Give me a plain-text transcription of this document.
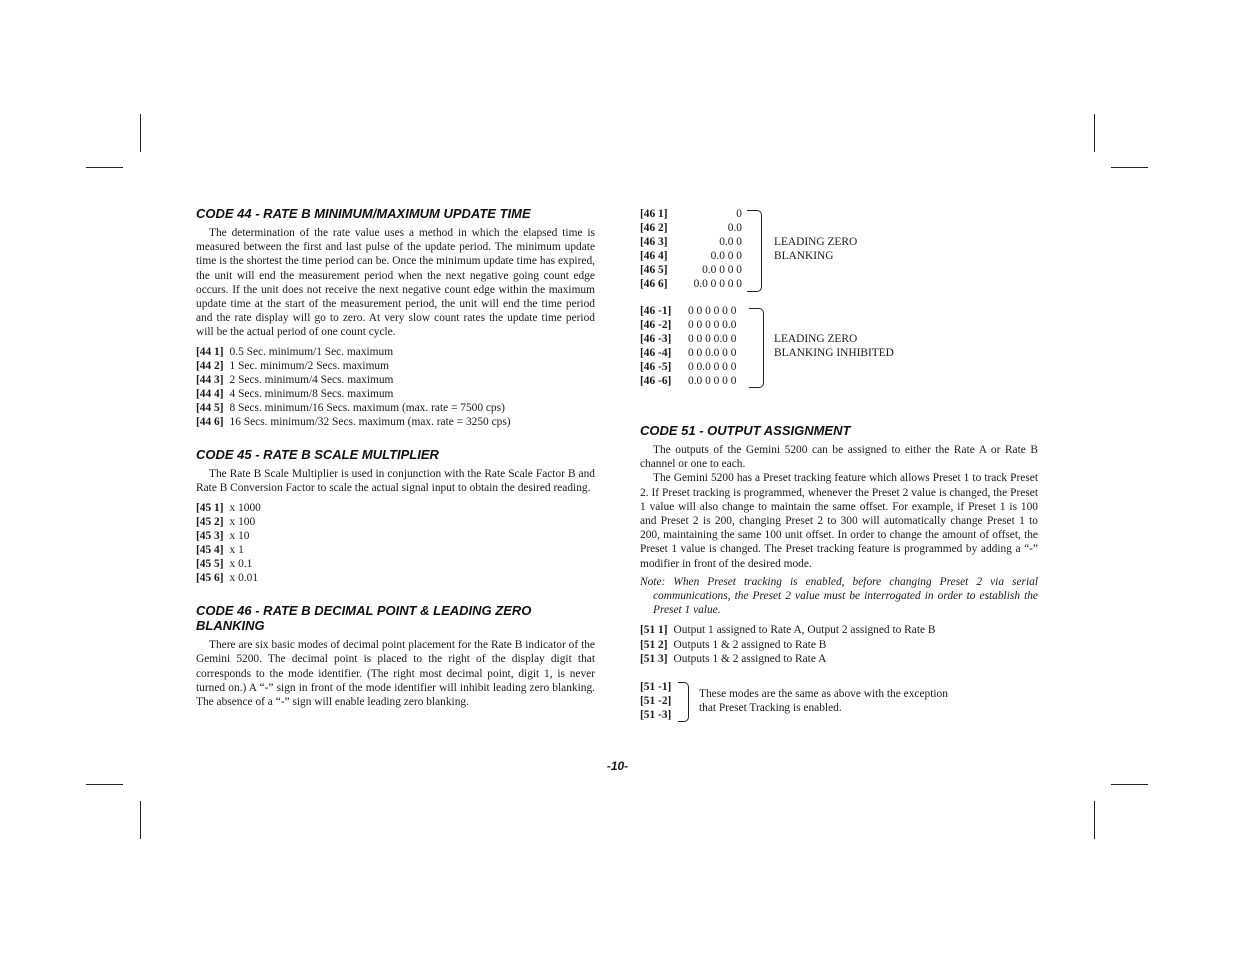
CODE 44 - RATE B MINIMUM/MAXIMUM UPDATE TIME

The determination of the rate value uses a method in which the elapsed time is measured between the first and last pulse of the update period. The minimum update time is the shortest the time period can be. Once the minimum update time has expired, the unit will end the measurement period when the next negative going count edge occurs. If the unit does not receive the next negative count edge within the maximum update time at the start of the measurement period, the unit will end the time period and the rate display will go to zero. At very slow count rates the update time period will be the actual period of one count cycle.

[44 1] 0.5 Sec. minimum/1 Sec. maximum
[44 2] 1 Sec. minimum/2 Secs. maximum
[44 3] 2 Secs. minimum/4 Secs. maximum
[44 4] 4 Secs. minimum/8 Secs. maximum
[44 5] 8 Secs. minimum/16 Secs. maximum (max. rate = 7500 cps)
[44 6] 16 Secs. minimum/32 Secs. maximum (max. rate = 3250 cps)
CODE 45 - RATE B SCALE MULTIPLIER

The Rate B Scale Multiplier is used in conjunction with the Rate Scale Factor B and Rate B Conversion Factor to scale the actual signal input to obtain the desired reading.

[45 1] x 1000
[45 2] x 100
[45 3] x 10
[45 4] x 1
[45 5] x 0.1
[45 6] x 0.01
CODE 46 - RATE B DECIMAL POINT & LEADING ZERO
BLANKING

There are six basic modes of decimal point placement for the Rate B indicator of the Gemini 5200. The decimal point is placed to the right of the display digit that corresponds to the mode identifier. (The right most decimal point, digit 1, is never turned on.) A “-” sign in front of the mode identifier will inhibit leading zero blanking. The absence of a “-” sign will enable leading zero blanking.

[46 1]	0
[46 2]	0.0
[46 3]	0.0 0
[46 4]	0.0 0 0
[46 5]	0.0 0 0 0
[46 6] 0.0 0 0 0 0
LEADING ZERO
BLANKING
[46 -1] 0 0 0 0 0 0
[46 -2] 0 0 0 0 0.0
[46 -3] 0 0 0 0.0 0
[46 -4] 0 0 0.0 0 0
[46 -5] 0 0.0 0 0 0
[46 -6] 0.0 0 0 0 0
LEADING ZERO
BLANKING INHIBITED
CODE 51 - OUTPUT ASSIGNMENT

The outputs of the Gemini 5200 can be assigned to either the Rate A or Rate B channel or one to each.

The Gemini 5200 has a Preset tracking feature which allows Preset 1 to track Preset 2. If Preset tracking is programmed, whenever the Preset 2 value is changed, the Preset 1 value will also change to maintain the same offset. For example, if Preset 1 is 100 and Preset 2 is 200, changing Preset 2 to 300 will automatically change Preset 1 to 200, maintaining the same 100 unit offset. In order to change the amount of offset, the Preset 1 value is changed. The Preset tracking feature is programmed by adding a “-” modifier in front of the desired mode.

Note: When Preset tracking is enabled, before changing Preset 2 via serial communications, the Preset 2 value must be interrogated in order to establish the Preset 1 value.

[51 1] Output 1 assigned to Rate A, Output 2 assigned to Rate B
[51 2] Outputs 1 & 2 assigned to Rate B
[51 3] Outputs 1 & 2 assigned to Rate A
[51 -1]
[51 -2]
[51 -3]
These modes are the same as above with the exception
that Preset Tracking is enabled.
-10-
